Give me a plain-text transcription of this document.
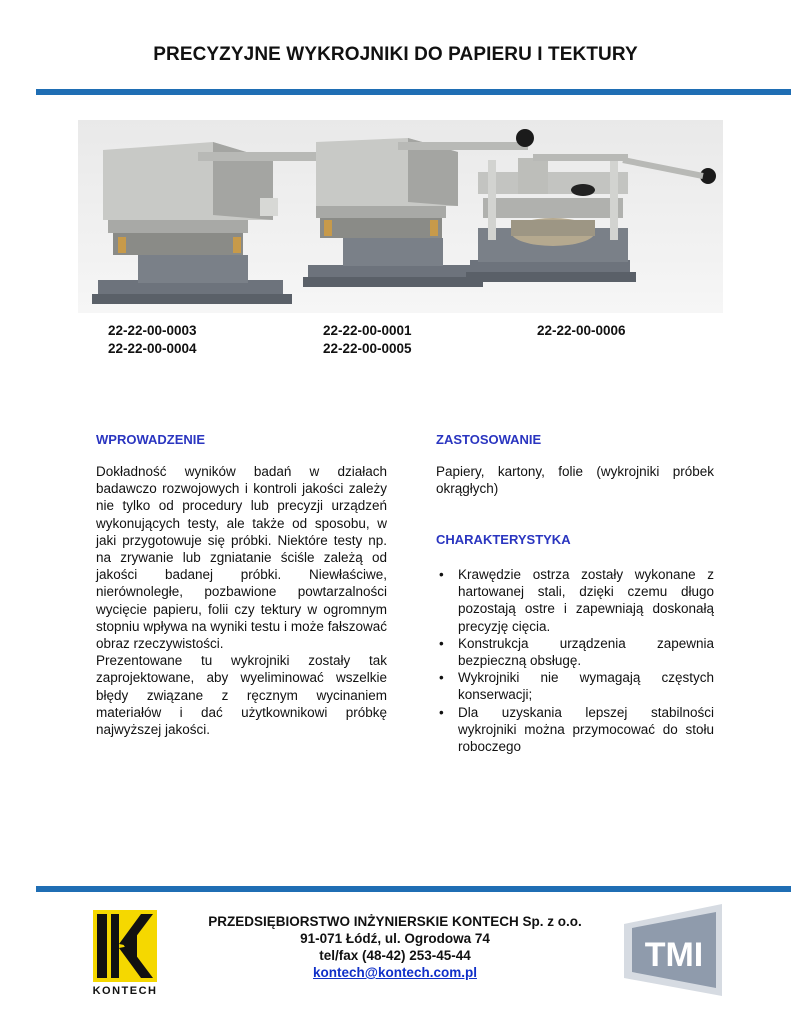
PRECYZYJNE WYKROJNIKI DO PAPIERU I TEKTURY
22-22-00-0003
22-22-00-0004
22-22-00-0001
22-22-00-0005
22-22-00-0006
WPROWADZENIE

Dokładność wyników badań w działach badawczo rozwojowych i kontroli jakości zależy nie tylko od procedury lub precyzji urządzeń wykonujących testy, ale także od sposobu, w jaki przygotowuje się próbki. Niektóre testy np. na zrywanie lub zgniatanie ściśle zależą od jakości badanej próbki. Niewłaściwe, nierównoległe, pozbawione powtarzalności wycięcie papieru, folii czy tektury w ogromnym stopniu wpływa na wyniki testu i może fałszować obraz rzeczywistości.

Prezentowane tu wykrojniki zostały tak zaprojektowane, aby wyeliminować wszelkie błędy związane z ręcznym wycinaniem materiałów i dać użytkownikowi próbkę najwyższej jakości.

ZASTOSOWANIE
Papiery, kartony, folie (wykrojniki próbek okrągłych)
CHARAKTERYSTYKA
• Krawędzie ostrza zostały wykonane z hartowanej stali, dzięki czemu długo pozostają ostre i zapewniają doskonałą precyzję cięcia.
• Konstrukcja urządzenia zapewnia bezpieczną obsługę.
• Wykrojniki nie wymagają częstych konserwacji;
• Dla uzyskania lepszej stabilności wykrojniki można przymocować do stołu roboczego
KONTECH
PRZEDSIĘBIORSTWO INŻYNIERSKIE KONTECH Sp. z o.o.
91-071 Łódź, ul. Ogrodowa 74
tel/fax (48-42) 253-45-44
kontech@kontech.com.pl	TMI
